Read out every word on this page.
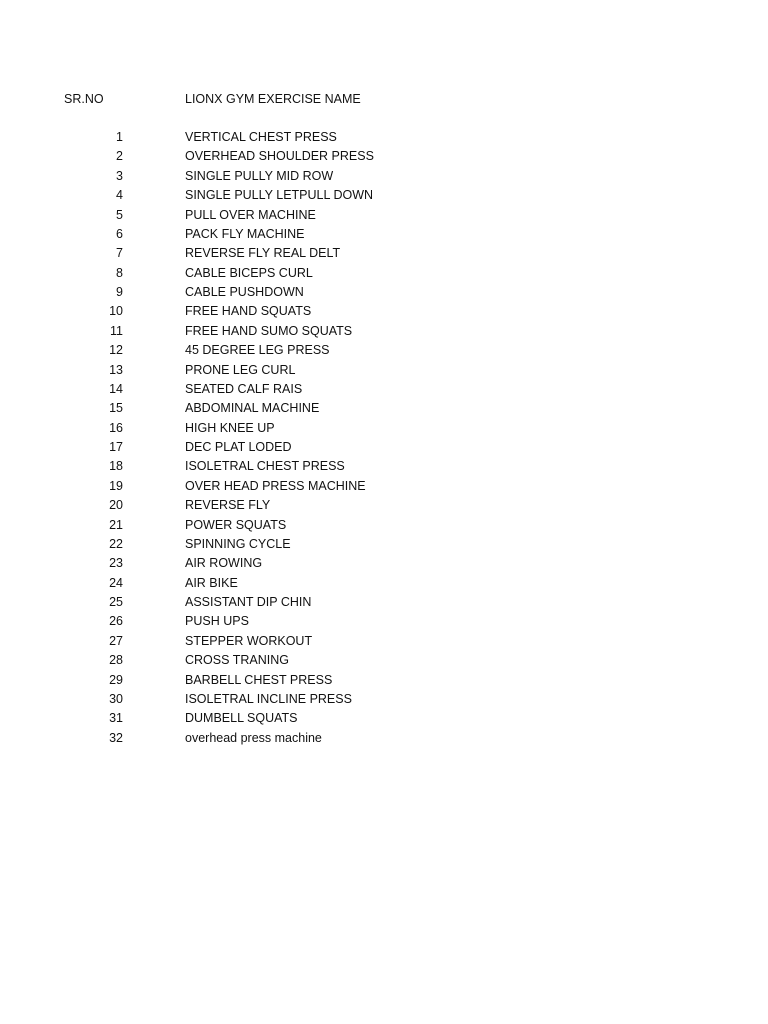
SR.NO	LIONX GYM EXERCISE NAME
1	VERTICAL CHEST PRESS
2	OVERHEAD SHOULDER PRESS
3	SINGLE PULLY MID ROW
4	SINGLE PULLY LETPULL DOWN
5	PULL OVER MACHINE
6	PACK FLY MACHINE
7	REVERSE FLY REAL DELT
8	CABLE BICEPS CURL
9	CABLE PUSHDOWN
10	FREE HAND SQUATS
11	FREE HAND SUMO SQUATS
12	45 DEGREE LEG PRESS
13	PRONE LEG CURL
14	SEATED CALF RAIS
15	ABDOMINAL MACHINE
16	HIGH KNEE UP
17	DEC PLAT LODED
18	ISOLETRAL CHEST PRESS
19	OVER HEAD PRESS MACHINE
20	REVERSE FLY
21	POWER SQUATS
22	SPINNING CYCLE
23	AIR ROWING
24	AIR BIKE
25	ASSISTANT DIP CHIN
26	PUSH UPS
27	STEPPER WORKOUT
28	CROSS TRANING
29	BARBELL CHEST PRESS
30	ISOLETRAL INCLINE PRESS
31	DUMBELL SQUATS
32	overhead press machine
